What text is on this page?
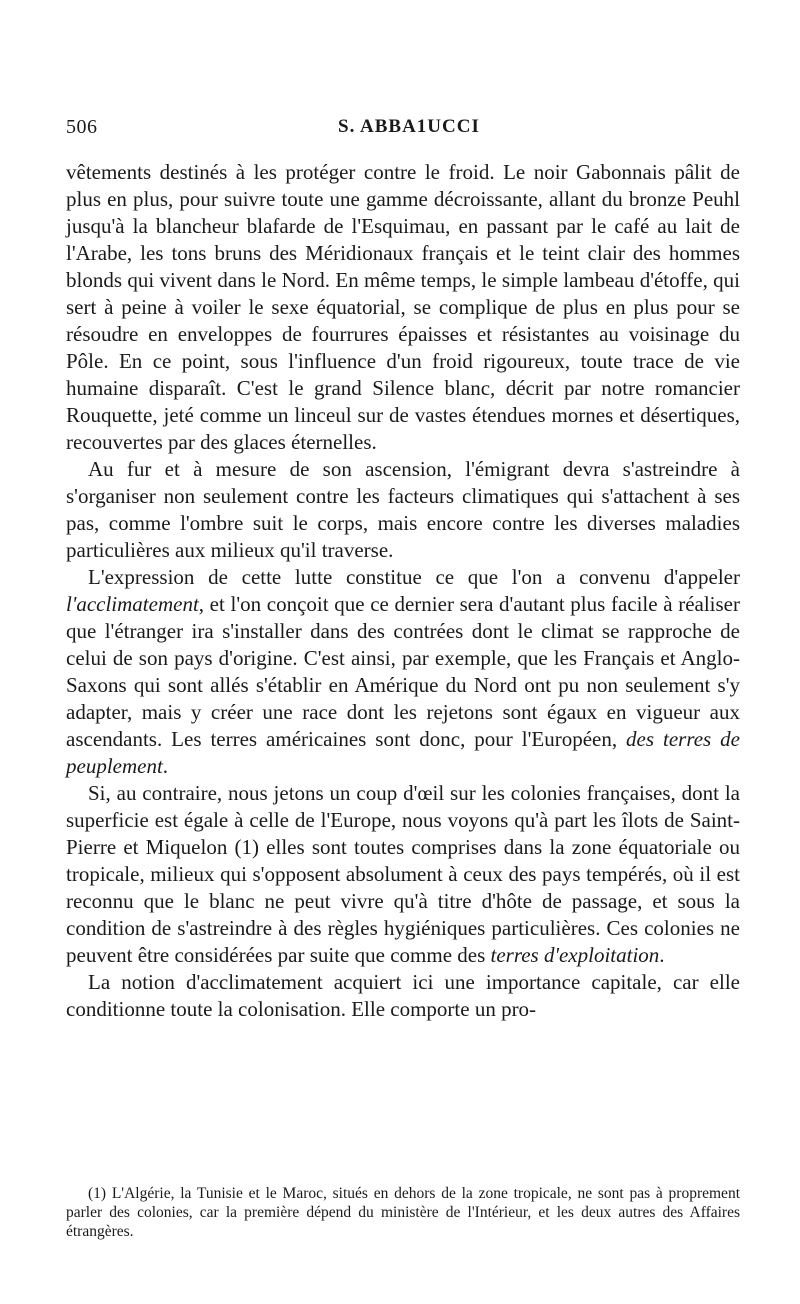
506	S. ABBA1UCCI

vêtements destinés à les protéger contre le froid. Le noir Gabonnais pâlit de plus en plus, pour suivre toute une gamme décroissante, allant du bronze Peuhl jusqu'à la blancheur blafarde de l'Esquimau, en passant par le café au lait de l'Arabe, les tons bruns des Méridionaux français et le teint clair des hommes blonds qui vivent dans le Nord. En même temps, le simple lambeau d'étoffe, qui sert à peine à voiler le sexe équatorial, se complique de plus en plus pour se résoudre en enveloppes de fourrures épaisses et résistantes au voisinage du Pôle. En ce point, sous l'influence d'un froid rigoureux, toute trace de vie humaine disparaît. C'est le grand Silence blanc, décrit par notre romancier Rouquette, jeté comme un linceul sur de vastes étendues mornes et désertiques, recouvertes par des glaces éternelles.

Au fur et à mesure de son ascension, l'émigrant devra s'astreindre à s'organiser non seulement contre les facteurs climatiques qui s'attachent à ses pas, comme l'ombre suit le corps, mais encore contre les diverses maladies particulières aux milieux qu'il traverse.

L'expression de cette lutte constitue ce que l'on a convenu d'appeler l'acclimatement, et l'on conçoit que ce dernier sera d'autant plus facile à réaliser que l'étranger ira s'installer dans des contrées dont le climat se rapproche de celui de son pays d'origine. C'est ainsi, par exemple, que les Français et Anglo-Saxons qui sont allés s'établir en Amérique du Nord ont pu non seulement s'y adapter, mais y créer une race dont les rejetons sont égaux en vigueur aux ascendants. Les terres américaines sont donc, pour l'Européen, des terres de peuplement.

Si, au contraire, nous jetons un coup d'œil sur les colonies françaises, dont la superficie est égale à celle de l'Europe, nous voyons qu'à part les îlots de Saint-Pierre et Miquelon (1) elles sont toutes comprises dans la zone équatoriale ou tropicale, milieux qui s'opposent absolument à ceux des pays tempérés, où il est reconnu que le blanc ne peut vivre qu'à titre d'hôte de passage, et sous la condition de s'astreindre à des règles hygiéniques particulières. Ces colonies ne peuvent être considérées par suite que comme des terres d'exploitation.

La notion d'acclimatement acquiert ici une importance capitale, car elle conditionne toute la colonisation. Elle comporte un pro-

(1) L'Algérie, la Tunisie et le Maroc, situés en dehors de la zone tropicale, ne sont pas à proprement parler des colonies, car la première dépend du ministère de l'Intérieur, et les deux autres des Affaires étrangères.
